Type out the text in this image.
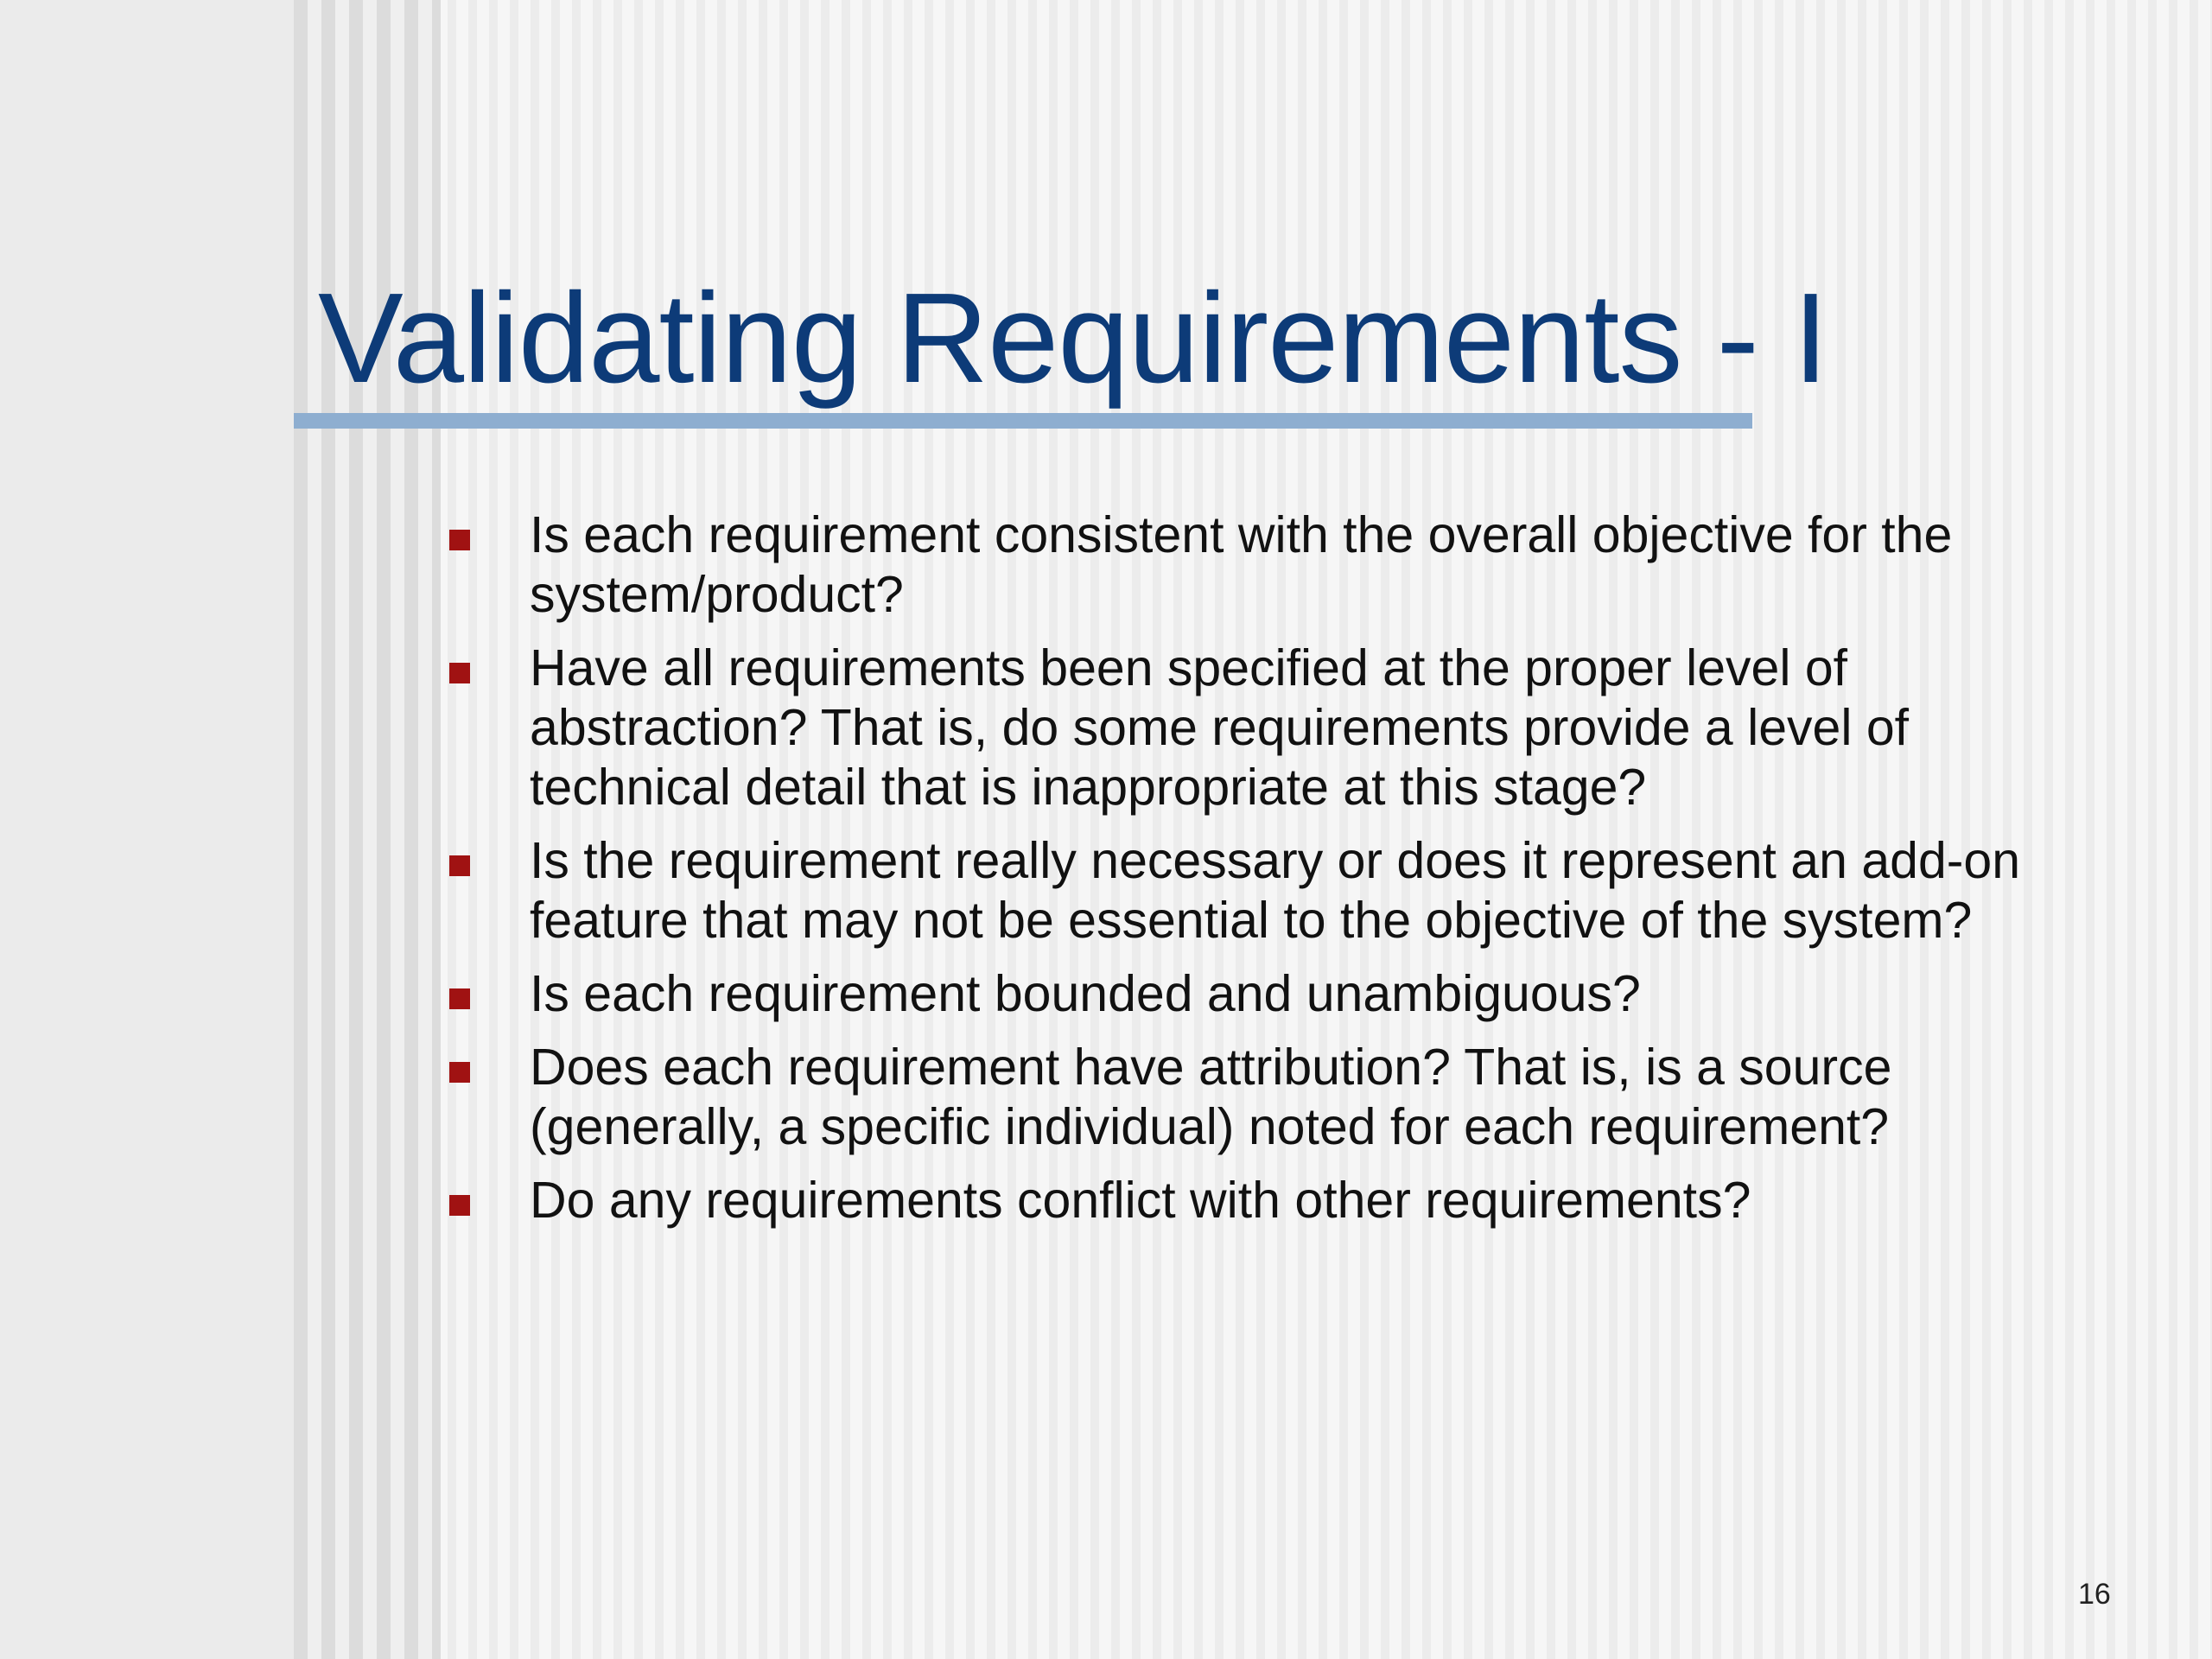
Validating Requirements - I
Is each requirement consistent with the overall objective for the system/product?
Have all requirements been specified at the proper level of abstraction? That is, do some requirements provide a level of technical detail that is inappropriate at this stage?
Is the requirement really necessary or does it represent an add-on feature that may not be essential to the objective of the system?
Is each requirement bounded and unambiguous?
Does each requirement have attribution? That is, is a source (generally, a specific individual) noted for each requirement?
Do any requirements conflict with other requirements?
16
